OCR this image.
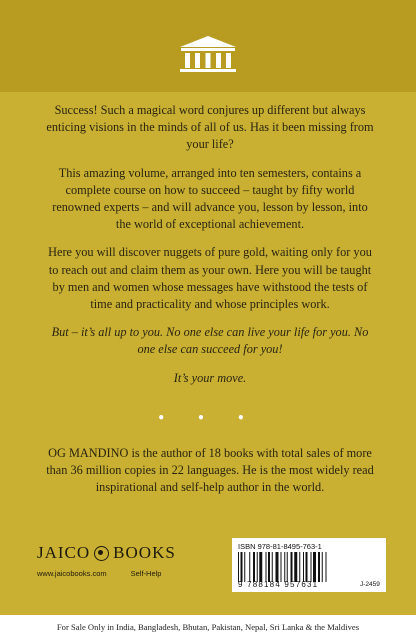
Success! Such a magical word conjures up different but always enticing visions in the minds of all of us. Has it been missing from your life?

This amazing volume, arranged into ten semesters, contains a complete course on how to succeed – taught by fifty world renowned experts – and will advance you, lesson by lesson, into the world of exceptional achievement.

Here you will discover nuggets of pure gold, waiting only for you to reach out and claim them as your own. Here you will be taught by men and women whose messages have withstood the tests of time and practicality and whose principles work.

But – it’s all up to you. No one else can live your life for you. No one else can succeed for you!

It’s your move.

• • •
OG MANDINO is the author of 18 books with total sales of more than 36 million copies in 22 languages. He is the most widely read inspirational and self-help author in the world.
JAICO BOOKS
www.jaicobooks.com	Self-Help
ISBN 978-81-8495-763-1
9 788184 957631	J-2459
For Sale Only in India, Bangladesh, Bhutan, Pakistan, Nepal, Sri Lanka & the Maldives
